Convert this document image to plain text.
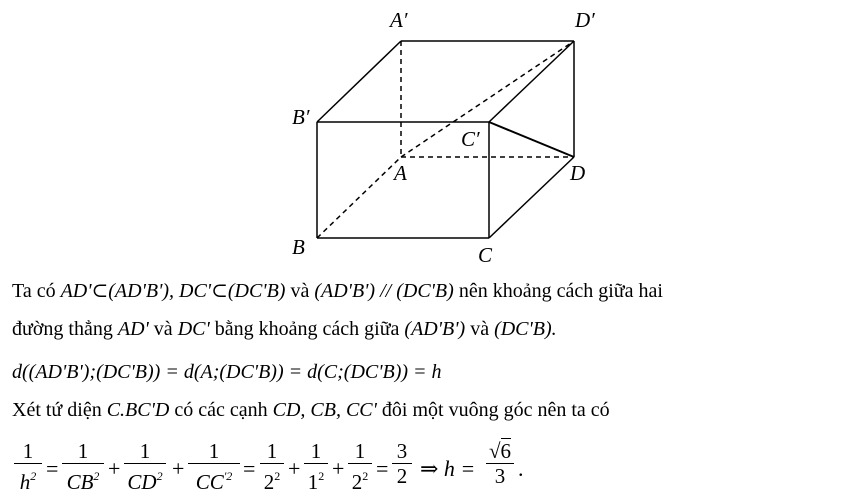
A′	D′
B′
C′
A	D
B	C
Ta có AD'⊂(AD'B'), DC'⊂(DC'B) và (AD'B') // (DC'B) nên khoảng cách giữa hai
đường thẳng AD' và DC' bằng khoảng cách giữa (AD'B') và (DC'B).
d((AD'B');(DC'B)) = d(A;(DC'B)) = d(C;(DC'B)) = h
Xét tứ diện C.BC'D có các cạnh CD, CB, CC' đôi một vuông góc nên ta có
1
$h^2$ =
1
$CB^2$ +
1
$CD^2$ +
1
$CC^{'2}$ =
1
$2^2$ +
1
$1^2$ +
1
$2^2$ =
3
2 ⇒ h =
√6
3 .
